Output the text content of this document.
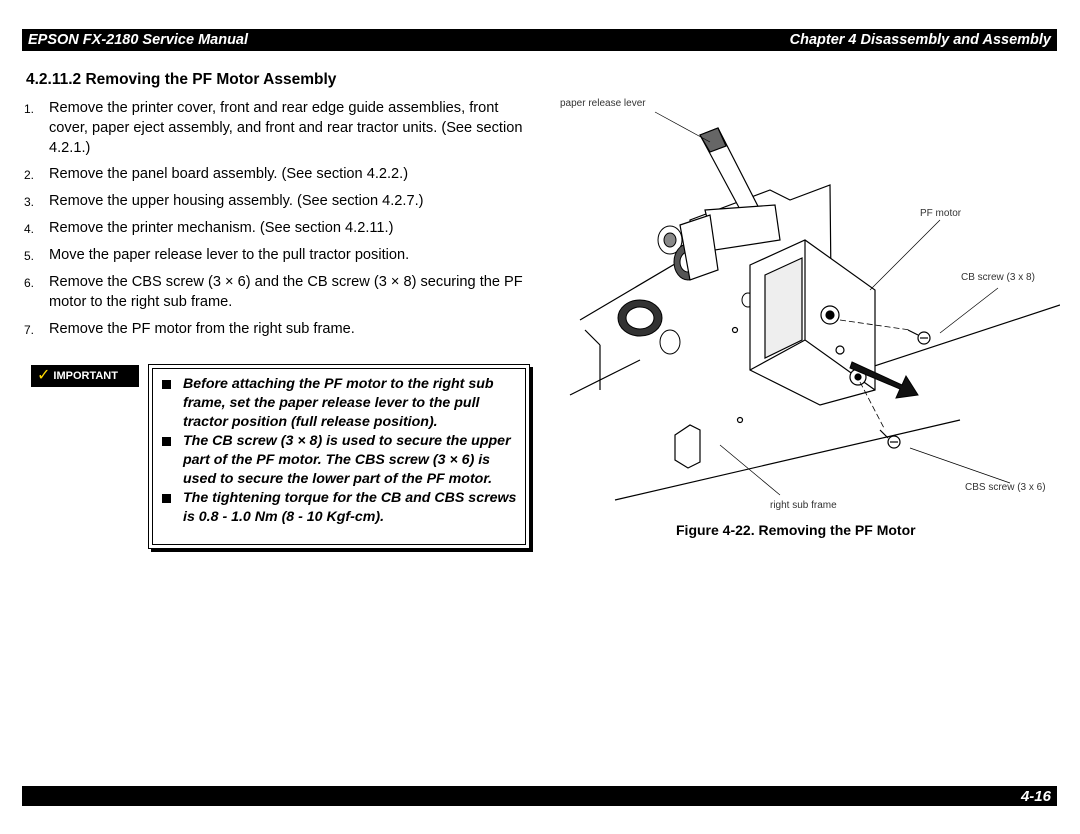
EPSON FX-2180 Service Manual	Chapter 4 Disassembly and Assembly
4.2.11.2 Removing the PF Motor Assembly
1. Remove the printer cover, front and rear edge guide assemblies, front cover, paper eject assembly, and front and rear tractor units. (See section 4.2.1.)
2. Remove the panel board assembly. (See section 4.2.2.)
3. Remove the upper housing assembly. (See section 4.2.7.)
4. Remove the printer mechanism. (See section 4.2.11.)
5. Move the paper release lever to the pull tractor position.
6. Remove the CBS screw (3 × 6) and the CB screw (3 × 8) securing the PF motor to the right sub frame.
7. Remove the PF motor from the right sub frame.
✓ IMPORTANT	Before attaching the PF motor to the right sub frame, set the paper release lever to the pull tractor position (full release position).
The CB screw (3 × 8) is used to secure the upper part of the PF motor. The CBS screw (3 × 6) is used to secure the lower part of the PF motor.
The tightening torque for the CB and CBS screws is 0.8 - 1.0 Nm (8 - 10 Kgf-cm).
paper release lever
PF motor
CB screw (3 x 8)
CBS screw (3 x 6)
right sub frame
Figure 4-22. Removing the PF Motor
4-16
